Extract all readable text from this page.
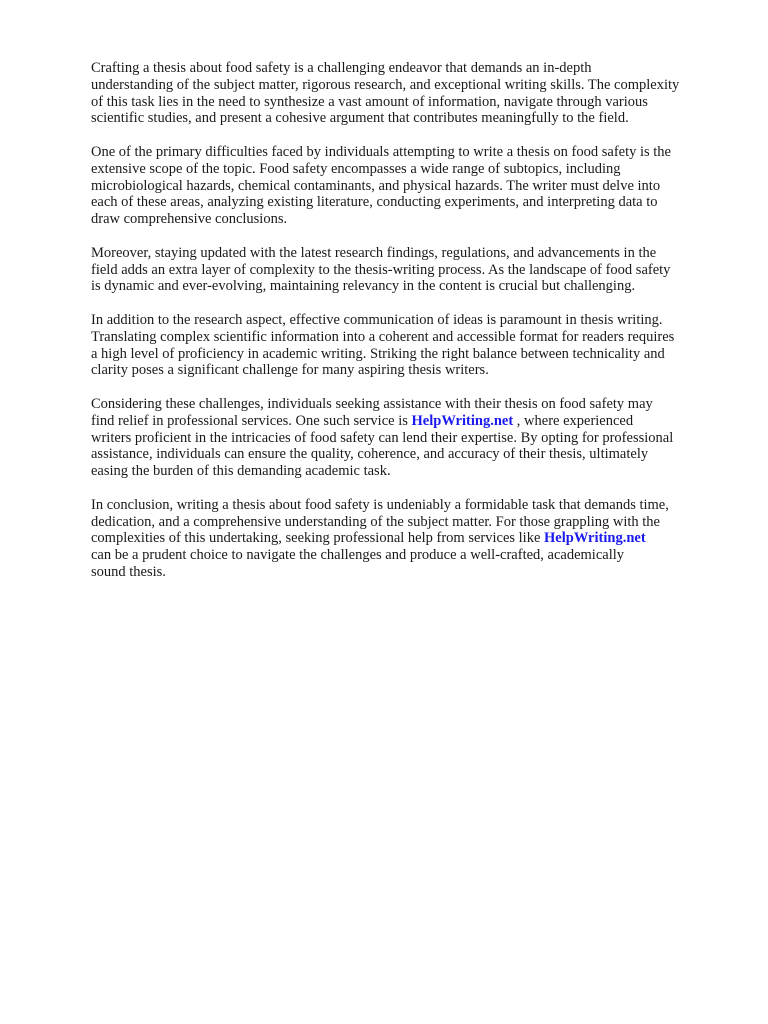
Crafting a thesis about food safety is a challenging endeavor that demands an in-depth
understanding of the subject matter, rigorous research, and exceptional writing skills. The complexity
of this task lies in the need to synthesize a vast amount of information, navigate through various
scientific studies, and present a cohesive argument that contributes meaningfully to the field.

One of the primary difficulties faced by individuals attempting to write a thesis on food safety is the
extensive scope of the topic. Food safety encompasses a wide range of subtopics, including
microbiological hazards, chemical contaminants, and physical hazards. The writer must delve into
each of these areas, analyzing existing literature, conducting experiments, and interpreting data to
draw comprehensive conclusions.

Moreover, staying updated with the latest research findings, regulations, and advancements in the
field adds an extra layer of complexity to the thesis-writing process. As the landscape of food safety
is dynamic and ever-evolving, maintaining relevancy in the content is crucial but challenging.

In addition to the research aspect, effective communication of ideas is paramount in thesis writing.
Translating complex scientific information into a coherent and accessible format for readers requires
a high level of proficiency in academic writing. Striking the right balance between technicality and
clarity poses a significant challenge for many aspiring thesis writers.

Considering these challenges, individuals seeking assistance with their thesis on food safety may
find relief in professional services. One such service is HelpWriting.net , where experienced
writers proficient in the intricacies of food safety can lend their expertise. By opting for professional
assistance, individuals can ensure the quality, coherence, and accuracy of their thesis, ultimately
easing the burden of this demanding academic task.

In conclusion, writing a thesis about food safety is undeniably a formidable task that demands time,
dedication, and a comprehensive understanding of the subject matter. For those grappling with the
complexities of this undertaking, seeking professional help from services like HelpWriting.net
can be a prudent choice to navigate the challenges and produce a well-crafted, academically
sound thesis.
